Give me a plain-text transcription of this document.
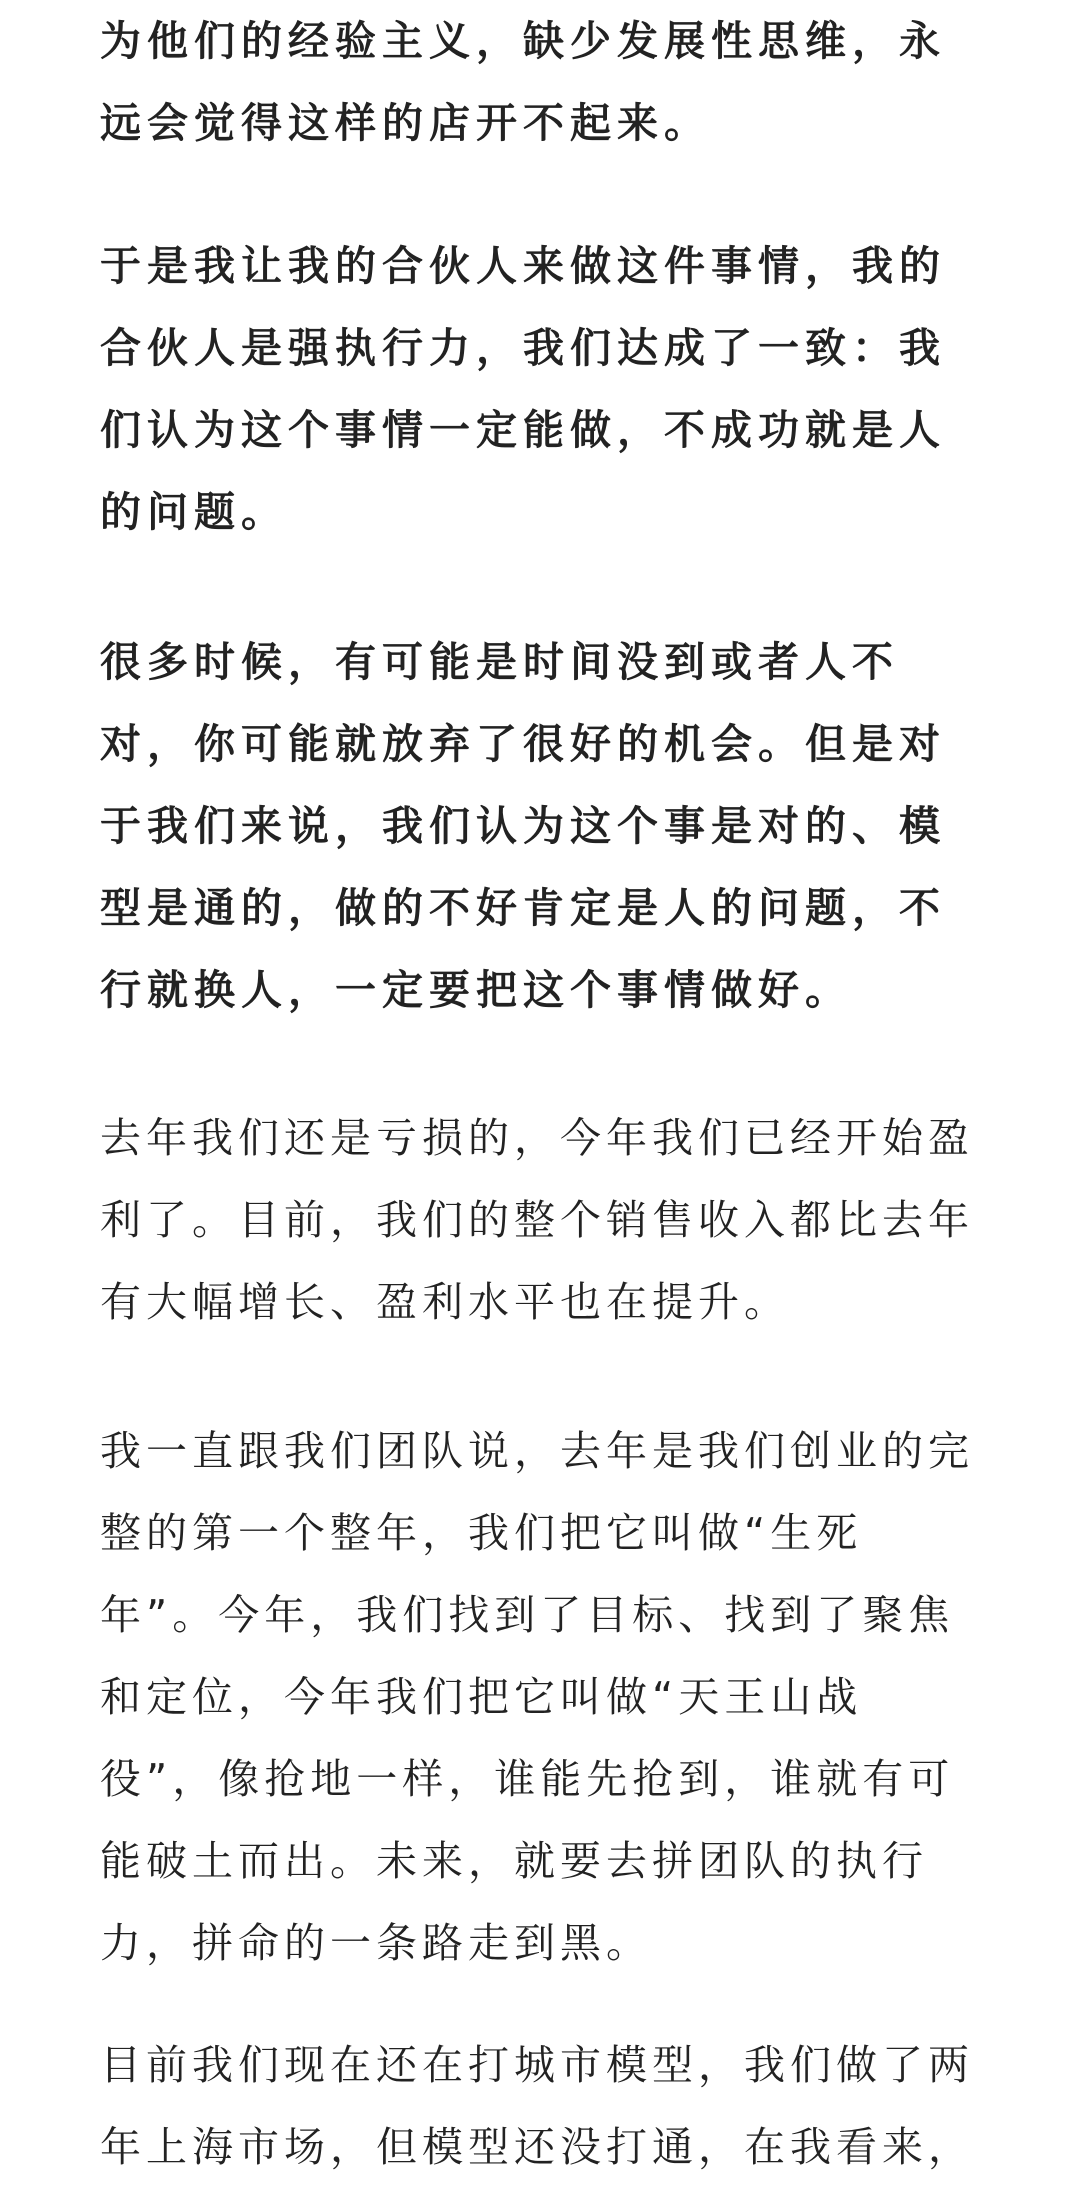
为他们的经验主义，缺少发展性思维，永远会觉得这样的店开不起来。

于是我让我的合伙人来做这件事情，我的合伙人是强执行力，我们达成了一致：我们认为这个事情一定能做，不成功就是人的问题。

很多时候，有可能是时间没到或者人不对，你可能就放弃了很好的机会。但是对于我们来说，我们认为这个事是对的、模型是通的，做的不好肯定是人的问题，不行就换人，一定要把这个事情做好。

去年我们还是亏损的，今年我们已经开始盈利了。目前，我们的整个销售收入都比去年有大幅增长、盈利水平也在提升。

我一直跟我们团队说，去年是我们创业的完整的第一个整年，我们把它叫做“生死年”。今年，我们找到了目标、找到了聚焦和定位，今年我们把它叫做“天王山战役”，像抢地一样，谁能先抢到，谁就有可能破土而出。未来，就要去拼团队的执行力，拼命的一条路走到黑。

目前我们现在还在打城市模型，我们做了两年上海市场，但模型还没打通，在我看来，
